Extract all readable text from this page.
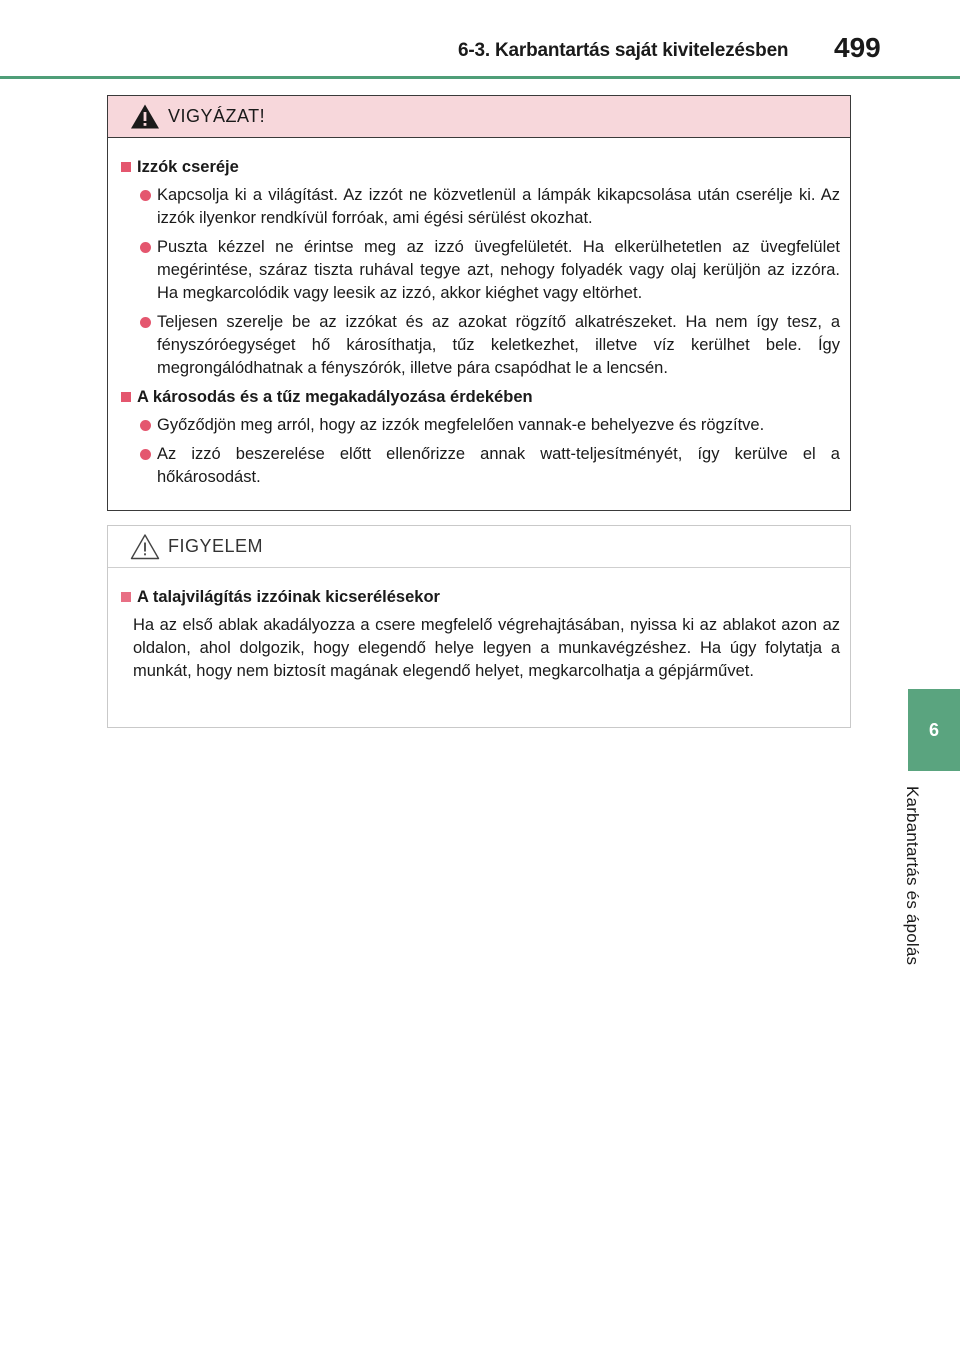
6-3. Karbantartás saját kivitelezésben 499
6
Karbantartás és ápolás
VIGYÁZAT!
Izzók cseréje
Kapcsolja ki a világítást. Az izzót ne közvetlenül a lámpák kikapcsolása után cserélje ki. Az izzók ilyenkor rendkívül forróak, ami égési sérülést okozhat.
Puszta kézzel ne érintse meg az izzó üvegfelületét. Ha elkerülhetetlen az üvegfelület megérintése, száraz tiszta ruhával tegye azt, nehogy folyadék vagy olaj kerüljön az izzóra. Ha megkarcolódik vagy leesik az izzó, akkor kiéghet vagy eltörhet.
Teljesen szerelje be az izzókat és az azokat rögzítő alkatrészeket. Ha nem így tesz, a fényszóróegységet hő károsíthatja, tűz keletkezhet, illetve víz kerülhet bele. Így megrongálódhatnak a fényszórók, illetve pára csapódhat le a lencsén.
A károsodás és a tűz megakadályozása érdekében
Győződjön meg arról, hogy az izzók megfelelően vannak-e behelyezve és rögzítve.
Az izzó beszerelése előtt ellenőrizze annak watt-teljesítményét, így kerülve el a hőkárosodást.
FIGYELEM
A talajvilágítás izzóinak kicserélésekor
Ha az első ablak akadályozza a csere megfelelő végrehajtásában, nyissa ki az ablakot azon az oldalon, ahol dolgozik, hogy elegendő helye legyen a munkavégzéshez. Ha úgy folytatja a munkát, hogy nem biztosít magának elegendő helyet, megkarcolhatja a gépjárművet.
